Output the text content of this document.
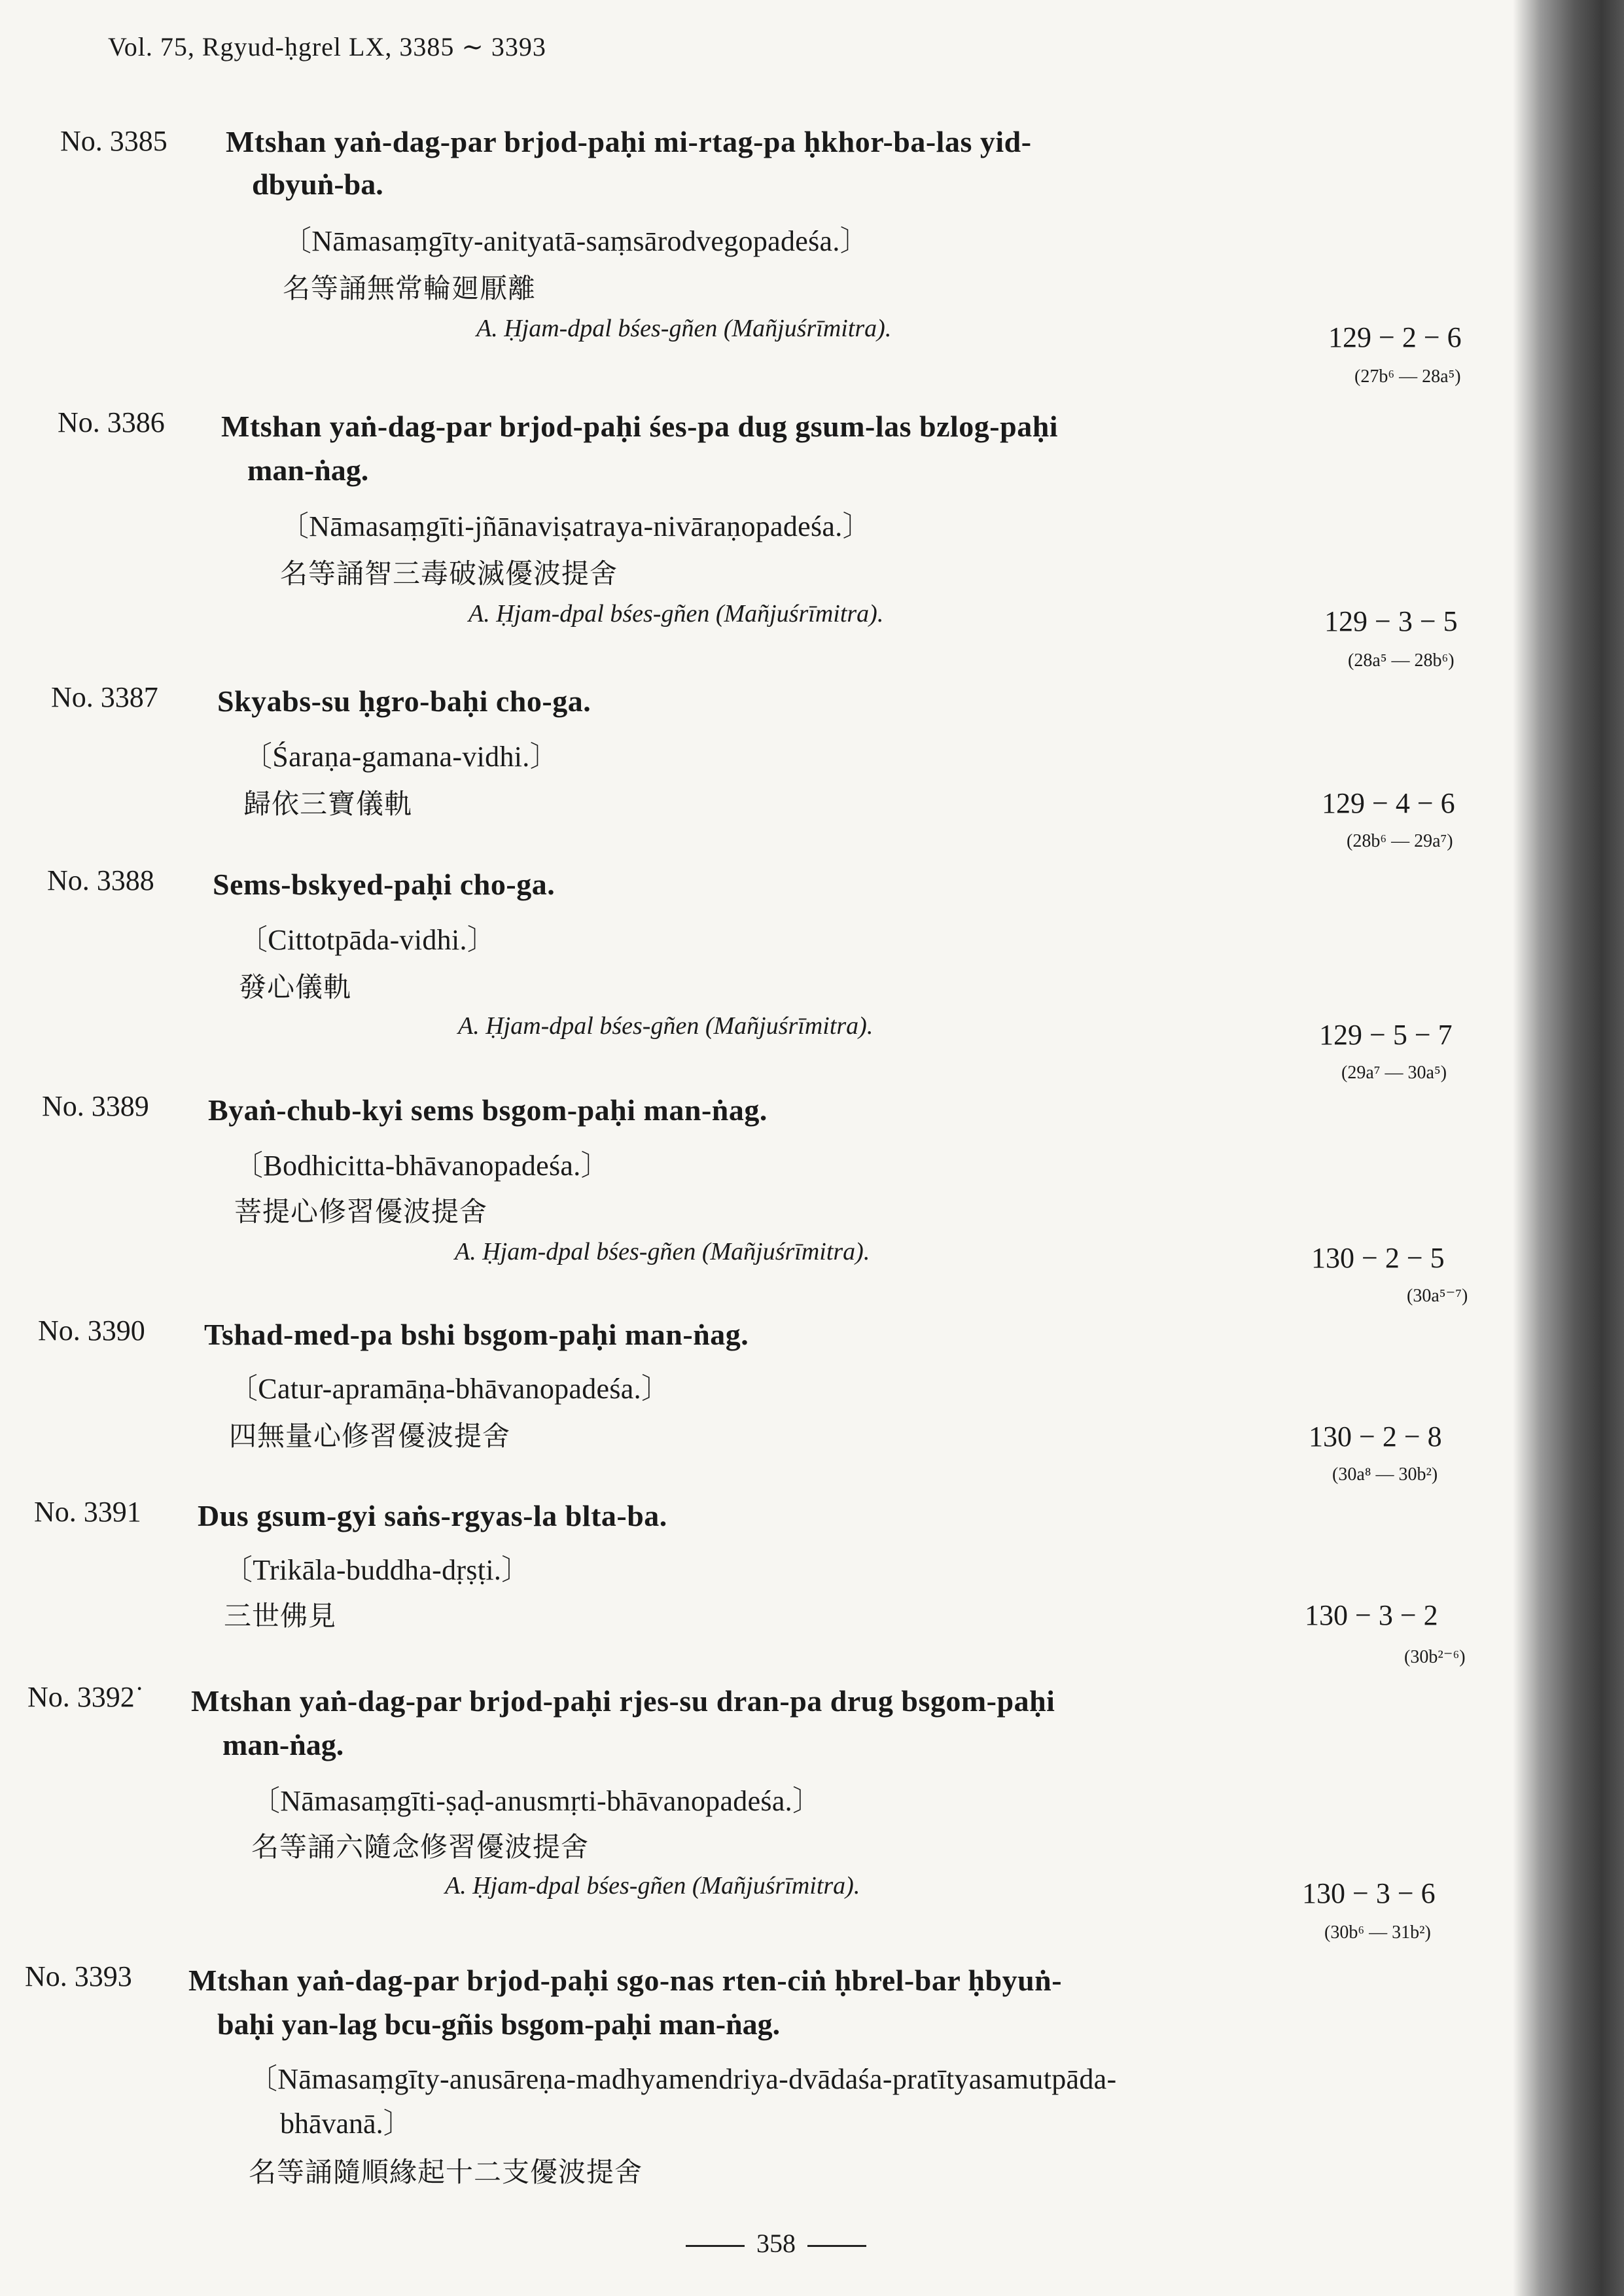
Vol. 75, Rgyud-ḥgrel LX, 3385 ∼ 3393
No. 3385 Mtshan yaṅ-dag-par brjod-paḥi mi-rtag-pa ḥkhor-ba-las yid-
dbyuṅ-ba.
〔Nāmasaṃgīty-anityatā-saṃsārodvegopadeśa.〕
名等誦無常輪廻厭離
A. Ḥjam-dpal bśes-gñen (Mañjuśrīmitra).	129 − 2 − 6
(27b⁶ — 28a⁵)
No. 3386 Mtshan yaṅ-dag-par brjod-paḥi śes-pa dug gsum-las bzlog-paḥi
man-ṅag.
〔Nāmasaṃgīti-jñānaviṣatraya-nivāraṇopadeśa.〕
名等誦智三毒破滅優波提舍
A. Ḥjam-dpal bśes-gñen (Mañjuśrīmitra).	129 − 3 − 5
(28a⁵ — 28b⁶)
No. 3387 Skyabs-su ḥgro-baḥi cho-ga.
〔Śaraṇa-gamana-vidhi.〕
歸依三寶儀軌	129 − 4 − 6
(28b⁶ — 29a⁷)
No. 3388 Sems-bskyed-paḥi cho-ga.
〔Cittotpāda-vidhi.〕
發心儀軌
A. Ḥjam-dpal bśes-gñen (Mañjuśrīmitra).	129 − 5 − 7
(29a⁷ — 30a⁵)
No. 3389 Byaṅ-chub-kyi sems bsgom-paḥi man-ṅag.
〔Bodhicitta-bhāvanopadeśa.〕
菩提心修習優波提舍
A. Ḥjam-dpal bśes-gñen (Mañjuśrīmitra).	130 − 2 − 5
(30a⁵⁻⁷)
No. 3390 Tshad-med-pa bshi bsgom-paḥi man-ṅag.
〔Catur-apramāṇa-bhāvanopadeśa.〕
四無量心修習優波提舍	130 − 2 − 8
(30a⁸ — 30b²)
No. 3391 Dus gsum-gyi saṅs-rgyas-la blta-ba.
〔Trikāla-buddha-dṛṣṭi.〕
三世佛見	130 − 3 − 2
(30b²⁻⁶)
No. 3392˙ Mtshan yaṅ-dag-par brjod-paḥi rjes-su dran-pa drug bsgom-paḥi
man-ṅag.
〔Nāmasaṃgīti-ṣaḍ-anusmṛti-bhāvanopadeśa.〕
名等誦六隨念修習優波提舍
A. Ḥjam-dpal bśes-gñen (Mañjuśrīmitra).	130 − 3 − 6
(30b⁶ — 31b²)
No. 3393 Mtshan yaṅ-dag-par brjod-paḥi sgo-nas rten-ciṅ ḥbrel-bar ḥbyuṅ-
baḥi yan-lag bcu-gñis bsgom-paḥi man-ṅag.
〔Nāmasaṃgīty-anusāreṇa-madhyamendriya-dvādaśa-pratītyasamutpāda-
bhāvanā.〕
名等誦隨順緣起十二支優波提舍
358
